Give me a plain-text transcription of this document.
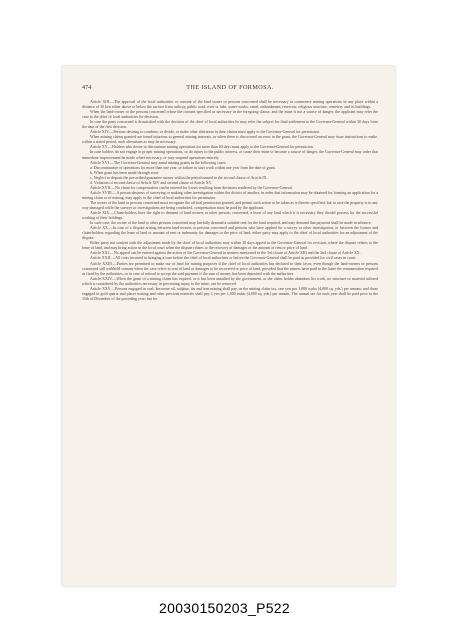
474	THE ISLAND OF FORMOSA.

Article XIII.—The approval of the local authorities or consent of the land owner or persons concerned shall be necessary to commence mining operations in any place within a distance of 30 ken either above or below the surface from railway, public road, river or lake, water-works, canal, embankment, reservoir, religious structure, cemetery and its buildings.

When the land-owner or the persons concerned refuse the consent specified as necessary in the foregoing clause, and the mine is not a source of danger, the applicant may refer the case to the chief of local authorities for decision.

In case the party concerned is dissatisfied with the decision of the chief of local authorities he may refer the subject for final settlement to the Governor-General within 30 days from the date of the first decision.

Article XIV.—Persons desiring to combine, or divide, or make other alteration in their claims must apply to the Governor-General for permission.

When mining claims granted are found injurious to general mining interests, or when there is discovered an error in the grant, the Governor-General may issue instructions to make, within a stated period, such alterations as may be necessary.

Article XV.—Holders who desire to discontinue mining operations for more than 60 days must apply to the Governor-General for permission.

In case holders do not engage in proper mining operations, or do injury to the public interest, or cause their mine to become a source of danger, the Governor-General may order that immediate improvement be made where necessary, or may suspend operations entirely.

Article XVI.—The Governor-General may annul mining grants in the following cases:

a. Discontinuance of operations for more than one year, or failure to start work within one year from the date of grant.

b. When grant has been made through error.

c. Neglect to deposit the prescribed guarantee money within the period named in the second clause of Article IX.

d. Violation of second clause of Article XIV and second clause of Article XV.

Article XVII.—No claim for compensation can be entered for losses resulting from decisions rendered by the Governor-General.

Article XVIII.—A person desirous of surveying or making other investigation within the district of another, in order that information may be obtained for forming an application for a mining claim or of mining, may apply to the chief of local authorities for permission.

The owner of the land or persons concerned must recognize the official permission granted, and permit such action to be taken as is therein specified; but in case the property is in any way damaged while the surveys or investigations are being conducted, compensation must be paid by the applicant.

Article XIX.—Claim-holders have the right to demand of land owners or other persons concerned, a lease of any land which it is necessary they should possess for the successful working of their holdings.

In such case, the owner of the land or other persons concerned may lawfully demand a suitable rent for the land required, and may demand that payment shall be made in advance.

Article XX.—In case of a dispute arising between land-owners or persons concerned and persons who have applied for a survey or other investigation, or between the former and claim-holders regarding the lease of land or amount of rent or indemnity for damages or the price of land, either party may apply to the chief of local authorities for an adjustment of the dispute.

Either party not content with the adjustment made by the chief of local authorities may within 30 days appeal to the Governor-General for revision, where the dispute relates to the lease of land, and may bring action in the local court when the dispute relates to the recovery of damages or the amount of rent or price of land.

Article XXI.—No appeal can be entered against the action of the Governor-General in matters mentioned in the 3rd clause of Article XIII and the 2nd clause of Article XX.

Article XXII.—All costs incurred in bringing a case before the chief of local authorities or before the Governor-General shall be paid as provided for civil cases in court.

Article XXIII.—Parties are permitted to make use of land for mining purposes if the chief of local authorities has declared in their favor, even though the land-owners or persons concerned still withhold consent when the case refers to rent of land or damages to be recovered or price of land, provided that the miners have paid to the latter the remuneration required as fixed by the authorities, or in case of refusal to accept the said payment if the sum of money has been deposited with the authorities.

Article XXIV.—When the grant of a mining claim has expired, or it has been annulled by the government, or the claim holder abandons his work, no structure or material utilized which is considered by the authorities necessary in preventing injury to the mine, can be removed.

Article XXV.—Persons engaged in coal, kerosene oil, sulphur, tin and iron mining shall pay, as the mining claim tax, one yen per 1,000 tsubo (4,000 sq. yds.) per annum; and those engaged in gold quartz and placer mining and other precious minerals shall pay 2 yen per 1,000 tsubo (4,000 sq. yds.) per annum. The annual tax for each year shall be paid prior to the 15th of December of the preceding year; but for

20030150203_P522
